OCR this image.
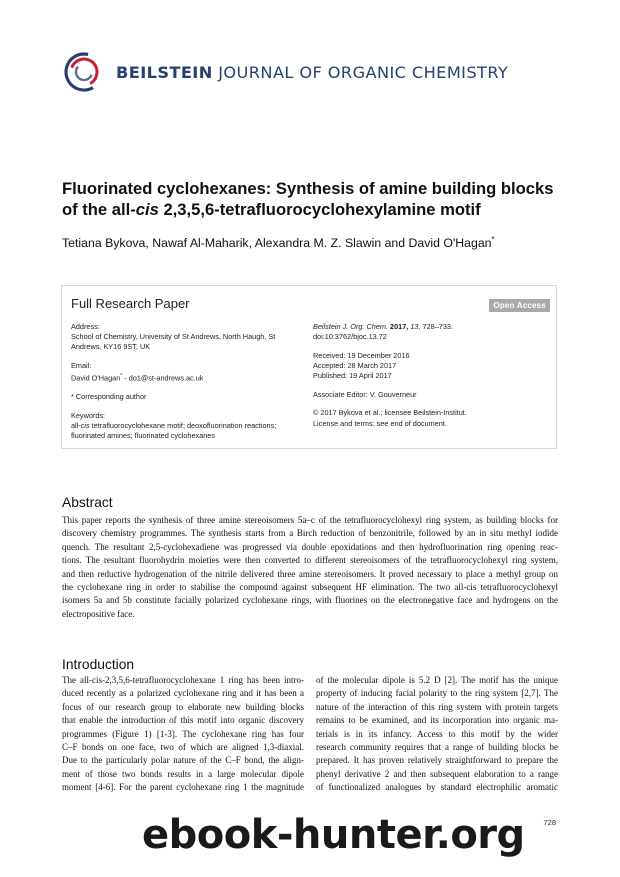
BEILSTEIN JOURNAL OF ORGANIC CHEMISTRY
Fluorinated cyclohexanes: Synthesis of amine building blocks
of the all-cis 2,3,5,6-tetrafluorocyclohexylamine motif
Tetiana Bykova, Nawaf Al-Maharik, Alexandra M. Z. Slawin and David O'Hagan*
Full Research Paper	Open Access

Address:
School of Chemistry, University of St Andrews, North Haugh, St
Andrews, KY16 9ST, UK

Email:
David O'Hagan* - do1@st-andrews.ac.uk

* Corresponding author

Keywords:
all-cis tetrafluorocyclohexane motif; deoxofluorination reactions;
fluorinated amines; fluorinated cyclohexanes

Beilstein J. Org. Chem. 2017, 13, 728–733.
doi:10.3762/bjoc.13.72

Received: 19 December 2016
Accepted: 28 March 2017
Published: 19 April 2017

Associate Editor: V. Gouverneur

© 2017 Bykova et al.; licensee Beilstein-Institut.
License and terms: see end of document.

Abstract
This paper reports the synthesis of three amine stereoisomers 5a–c of the tetrafluorocyclohexyl ring system, as building blocks for
discovery chemistry programmes. The synthesis starts from a Birch reduction of benzonitrile, followed by an in situ methyl iodide
quench. The resultant 2,5-cyclohexadiene was progressed via double epoxidations and then hydrofluorination ring opening reac-
tions. The resultant fluorohydrin moieties were then converted to different stereoisomers of the tetrafluorocyclohexyl ring system,
and then reductive hydrogenation of the nitrile delivered three amine stereoisomers. It proved necessary to place a methyl group on
the cyclohexane ring in order to stabilise the compound against subsequent HF elimination. The two all-cis tetrafluorocyclohexyl
isomers 5a and 5b constitute facially polarized cyclohexane rings, with fluorines on the electronegative face and hydrogens on the
electropositive face.
Introduction
The all-cis-2,3,5,6-tetrafluorocyclohexane 1 ring has been intro-
duced recently as a polarized cyclohexane ring and it has been a
focus of our research group to elaborate new building blocks
that enable the introduction of this motif into organic discovery
programmes (Figure 1) [1-3]. The cyclohexane ring has four
C–F bonds on one face, two of which are aligned 1,3-diaxial.
Due to the particularly polar nature of the C–F bond, the align-
ment of those two bonds results in a large molecular dipole
moment [4-6]. For the parent cyclohexane ring 1 the magnitude
of the molecular dipole is 5.2 D [2]. The motif has the unique
property of inducing facial polarity to the ring system [2,7]. The
nature of the interaction of this ring system with protein targets
remains to be examined, and its incorporation into organic ma-
terials is in its infancy. Access to this motif by the wider
research community requires that a range of building blocks be
prepared. It has proven relatively straightforward to prepare the
phenyl derivative 2 and then subsequent elaboration to a range
of functionalized analogues by standard electrophilic aromatic
ebook-hunter.org	728
